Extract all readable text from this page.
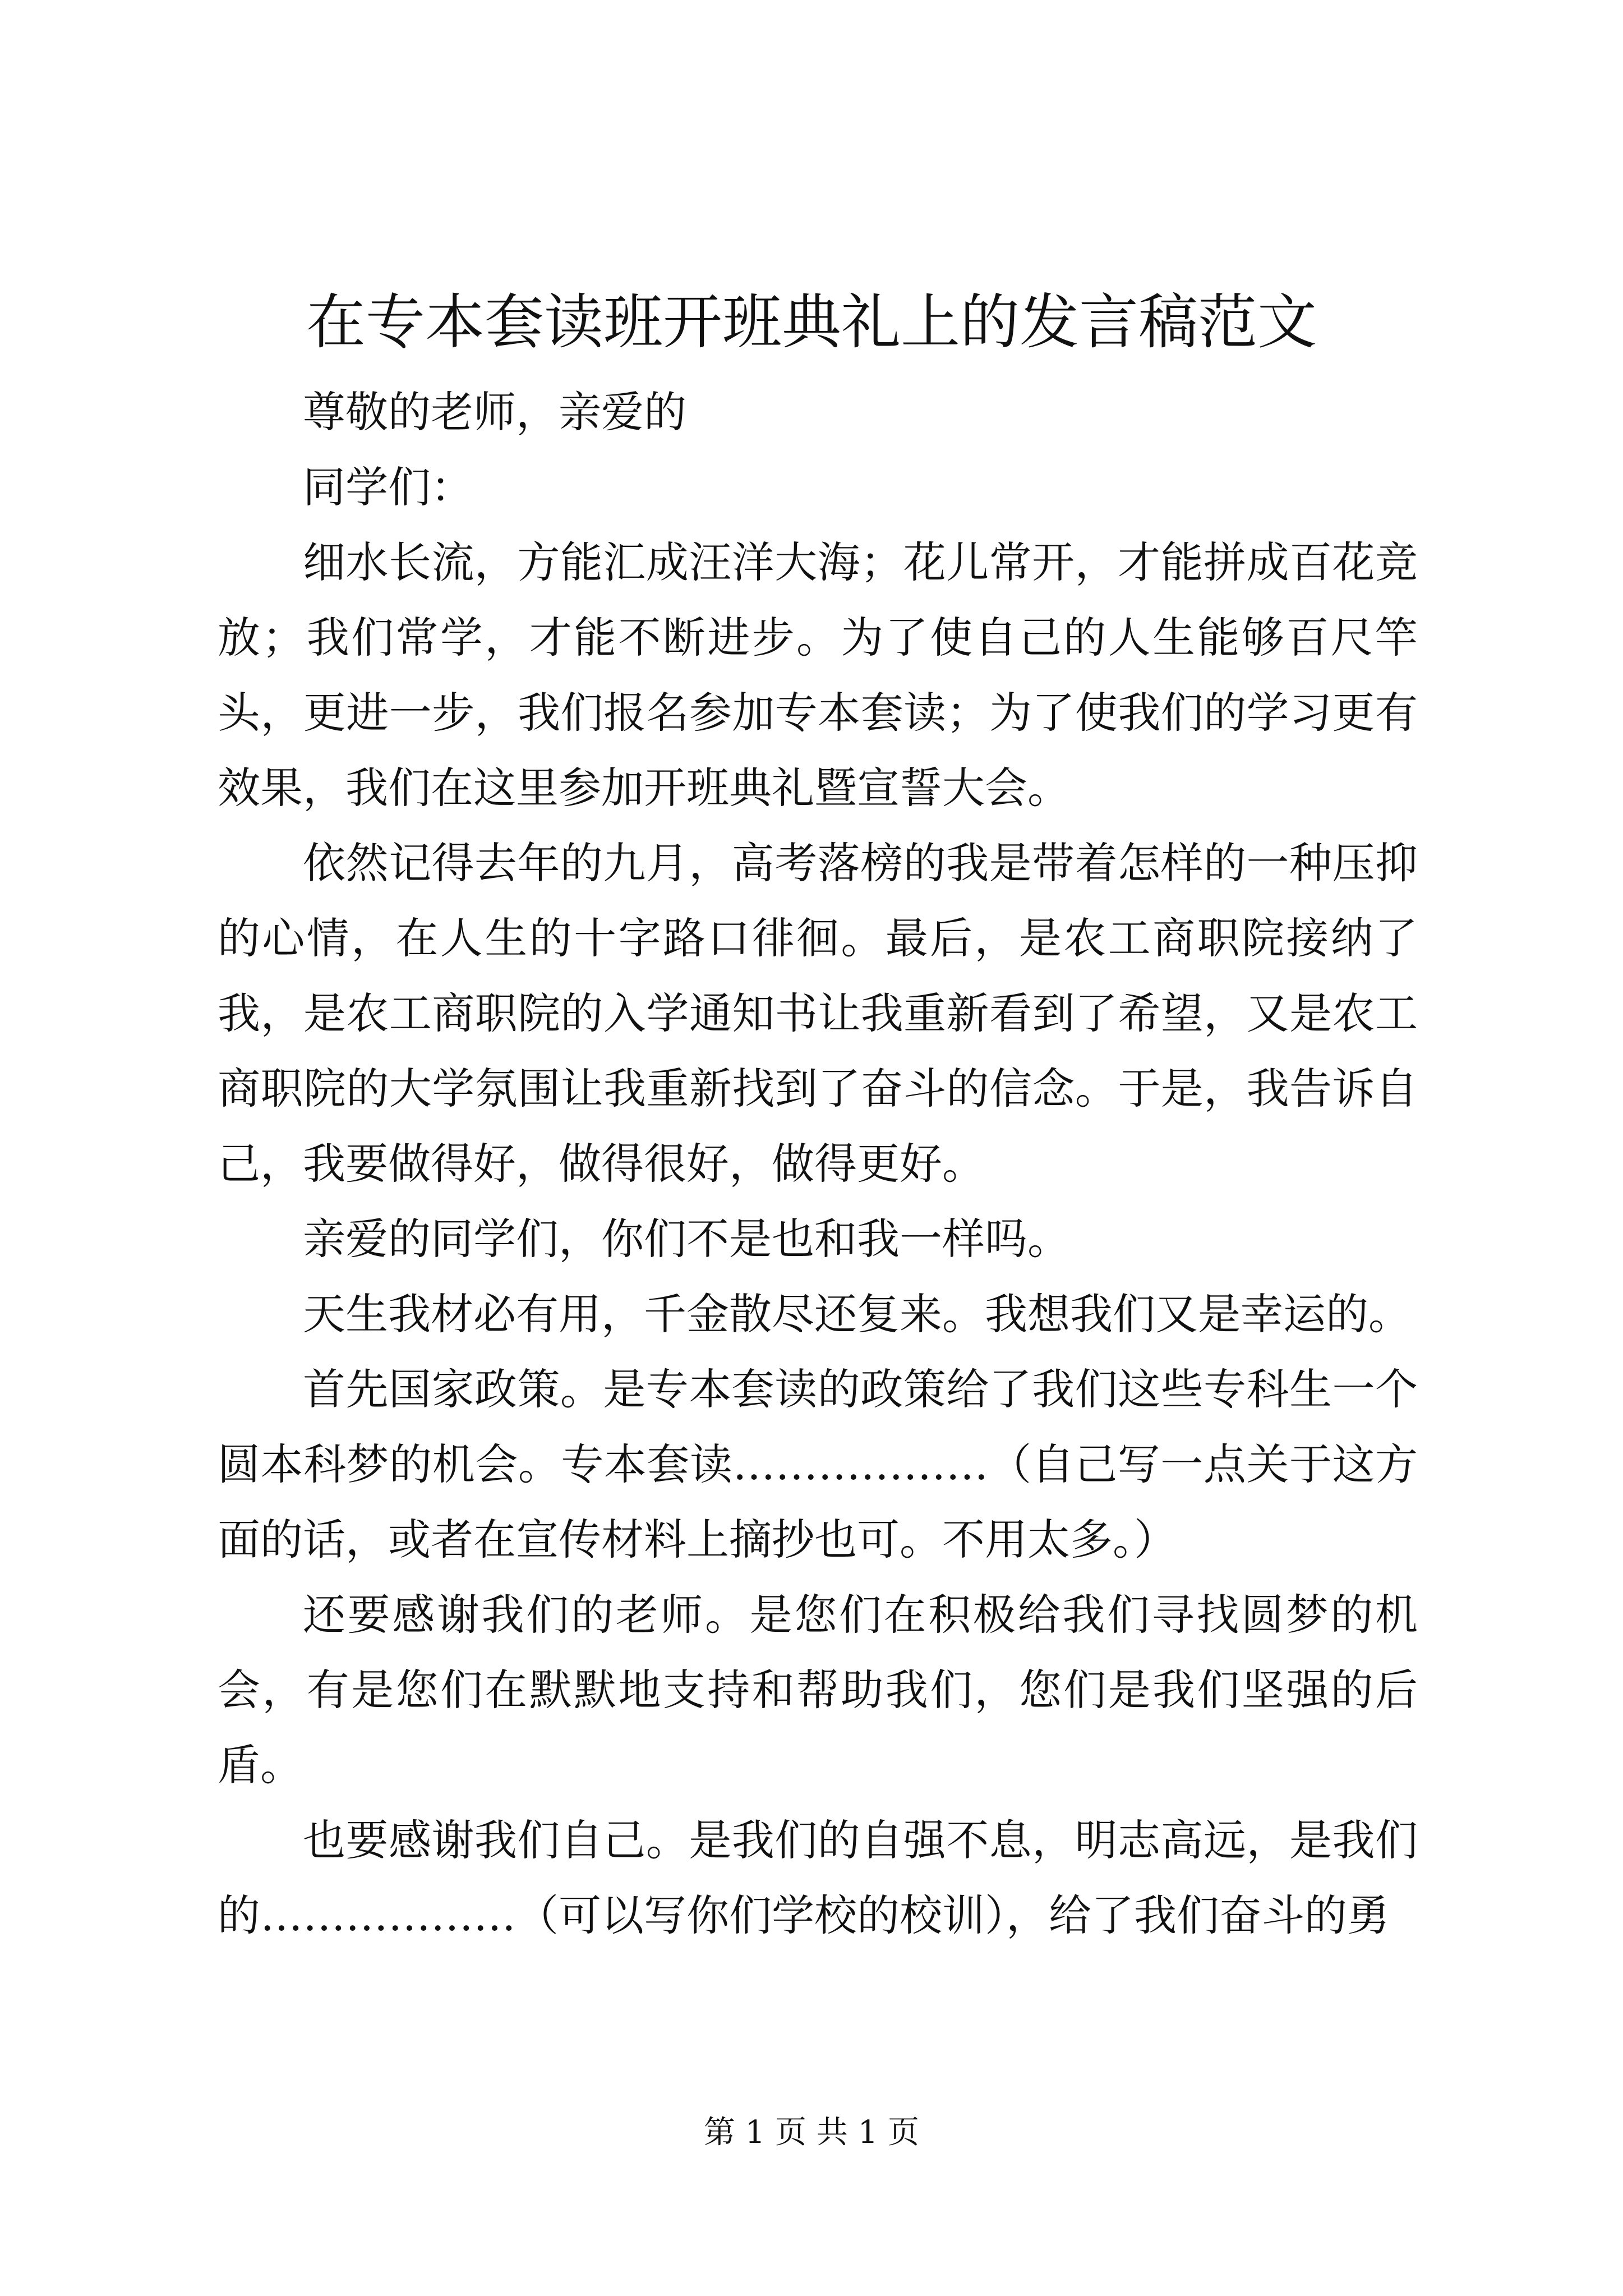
在专本套读班开班典礼上的发言稿范文

尊敬的老师，亲爱的

同学们：

细水长流，方能汇成汪洋大海；花儿常开，才能拼成百花竞放；我们常学，才能不断进步。为了使自己的人生能够百尺竿头，更进一步，我们报名参加专本套读；为了使我们的学习更有效果，我们在这里参加开班典礼暨宣誓大会。

依然记得去年的九月，高考落榜的我是带着怎样的一种压抑的心情，在人生的十字路口徘徊。最后，是农工商职院接纳了我，是农工商职院的入学通知书让我重新看到了希望，又是农工商职院的大学氛围让我重新找到了奋斗的信念。于是，我告诉自己，我要做得好，做得很好，做得更好。

亲爱的同学们，你们不是也和我一样吗。

天生我材必有用，千金散尽还复来。我想我们又是幸运的。

首先国家政策。是专本套读的政策给了我们这些专科生一个圆本科梦的机会。专本套读………………（自己写一点关于这方面的话，或者在宣传材料上摘抄也可。不用太多。）

还要感谢我们的老师。是您们在积极给我们寻找圆梦的机会，有是您们在默默地支持和帮助我们，您们是我们坚强的后盾。

也要感谢我们自己。是我们的自强不息，明志高远，是我们的………………（可以写你们学校的校训），给了我们奋斗的勇

第 1 页 共 1 页
